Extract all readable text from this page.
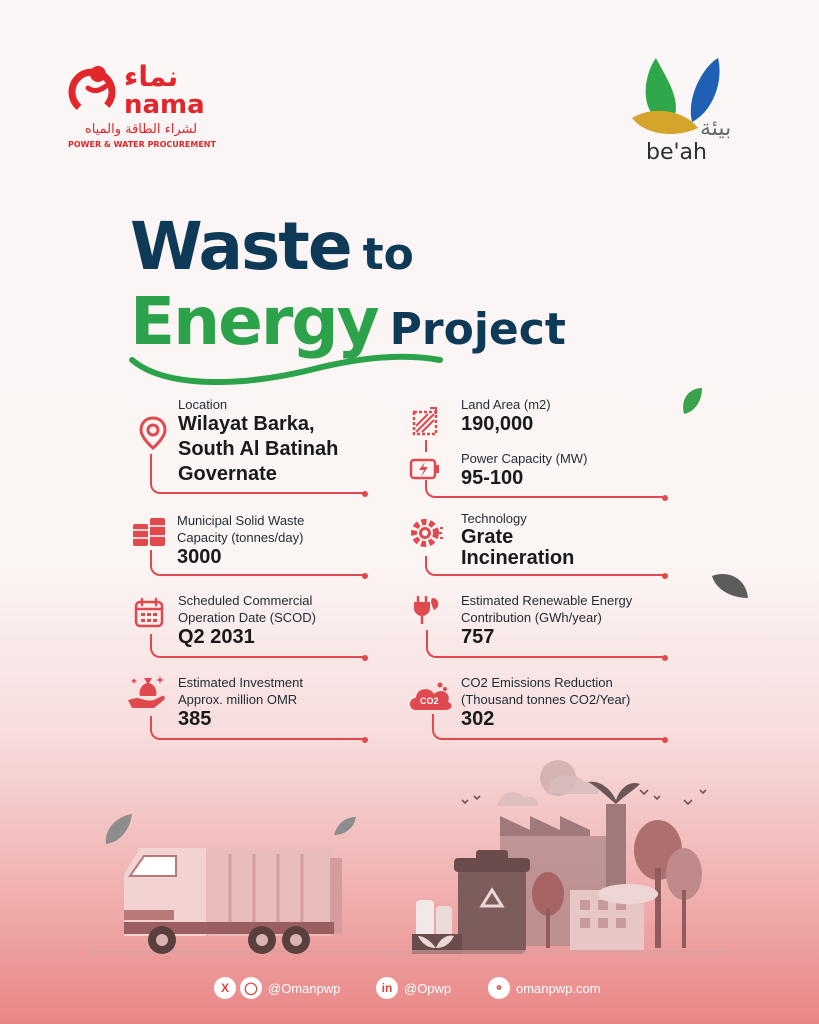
نماء
nama
لشراء الطاقة والمياه
POWER & WATER PROCUREMENT
بيئة
be'ah
Waste to
Energy Project
Location
Wilayat Barka,
South Al Batinah
Governate
Land Area (m2)
190,000
Power Capacity (MW)
95-100
Municipal Solid Waste
Capacity (tonnes/day)
3000
Technology
Grate
Incineration
Scheduled Commercial
Operation Date (SCOD)
Q2 2031
Estimated Renewable Energy
Contribution (GWh/year)
757
Estimated Investment
Approx. million OMR
385
CO2
CO2 Emissions Reduction
(Thousand tonnes CO2/Year)
302
X	◯ @Omanpwp	in @Opwp	⚬ omanpwp.com
